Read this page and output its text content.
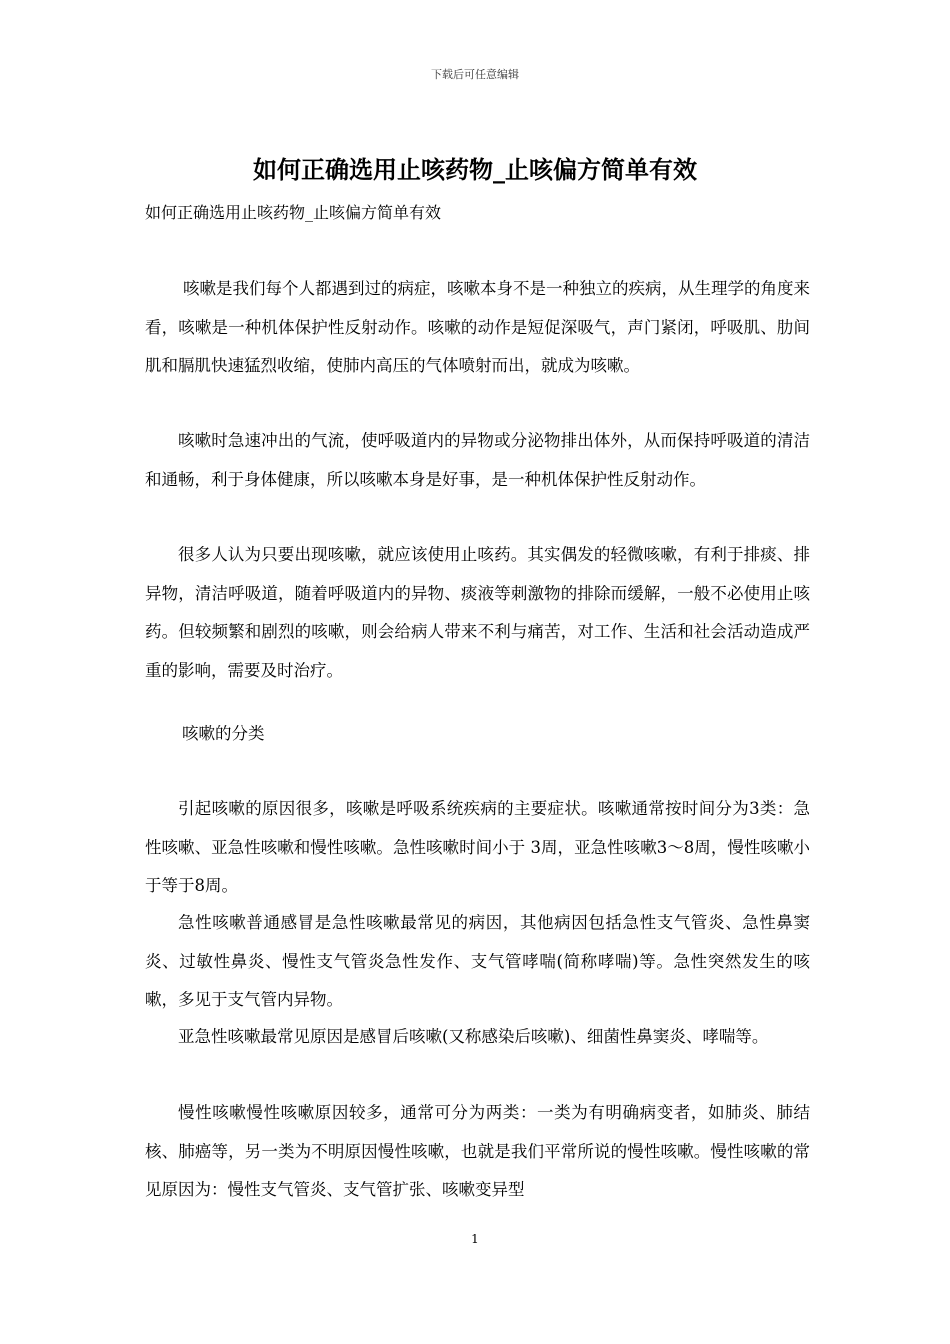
下载后可任意编辑
如何正确选用止咳药物_止咳偏方简单有效

如何正确选用止咳药物_止咳偏方简单有效

咳嗽是我们每个人都遇到过的病症，咳嗽本身不是一种独立的疾病，从生理学的角度来看，咳嗽是一种机体保护性反射动作。咳嗽的动作是短促深吸气，声门紧闭，呼吸肌、肋间肌和膈肌快速猛烈收缩，使肺内高压的气体喷射而出，就成为咳嗽。

咳嗽时急速冲出的气流，使呼吸道内的异物或分泌物排出体外，从而保持呼吸道的清洁和通畅，利于身体健康，所以咳嗽本身是好事，是一种机体保护性反射动作。

很多人认为只要出现咳嗽，就应该使用止咳药。其实偶发的轻微咳嗽，有利于排痰、排异物，清洁呼吸道，随着呼吸道内的异物、痰液等刺激物的排除而缓解，一般不必使用止咳药。但较频繁和剧烈的咳嗽，则会给病人带来不利与痛苦，对工作、生活和社会活动造成严重的影响，需要及时治疗。

咳嗽的分类

引起咳嗽的原因很多，咳嗽是呼吸系统疾病的主要症状。咳嗽通常按时间分为3类：急性咳嗽、亚急性咳嗽和慢性咳嗽。急性咳嗽时间小于 3周，亚急性咳嗽3～8周，慢性咳嗽小于等于8周。

急性咳嗽普通感冒是急性咳嗽最常见的病因，其他病因包括急性支气管炎、急性鼻窦炎、过敏性鼻炎、慢性支气管炎急性发作、支气管哮喘(简称哮喘)等。急性突然发生的咳嗽，多见于支气管内异物。

亚急性咳嗽最常见原因是感冒后咳嗽(又称感染后咳嗽)、细菌性鼻窦炎、哮喘等。

慢性咳嗽慢性咳嗽原因较多，通常可分为两类：一类为有明确病变者，如肺炎、肺结核、肺癌等，另一类为不明原因慢性咳嗽，也就是我们平常所说的慢性咳嗽。慢性咳嗽的常见原因为：慢性支气管炎、支气管扩张、咳嗽变异型

1
